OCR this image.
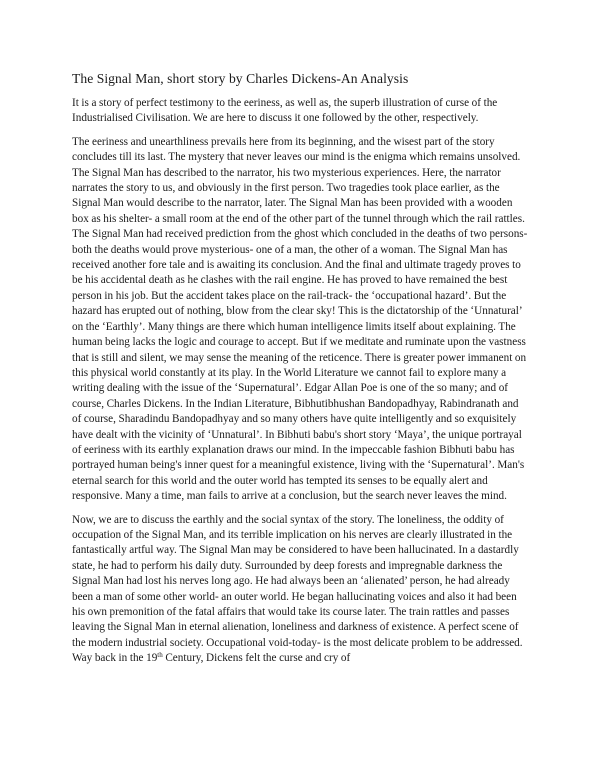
The Signal Man, short story by Charles Dickens-An Analysis

It is a story of perfect testimony to the eeriness, as well as, the superb illustration of curse of the Industrialised Civilisation. We are here to discuss it one followed by the other, respectively.

The eeriness and unearthliness prevails here from its beginning, and the wisest part of the story concludes till its last. The mystery that never leaves our mind is the enigma which remains unsolved. The Signal Man has described to the narrator, his two mysterious experiences. Here, the narrator narrates the story to us, and obviously in the first person. Two tragedies took place earlier, as the Signal Man would describe to the narrator, later. The Signal Man has been provided with a wooden box as his shelter- a small room at the end of the other part of the tunnel through which the rail rattles. The Signal Man had received prediction from the ghost which concluded in the deaths of two persons- both the deaths would prove mysterious- one of a man, the other of a woman. The Signal Man has received another fore tale and is awaiting its conclusion. And the final and ultimate tragedy proves to be his accidental death as he clashes with the rail engine. He has proved to have remained the best person in his job. But the accident takes place on the rail-track- the ‘occupational hazard’. But the hazard has erupted out of nothing, blow from the clear sky! This is the dictatorship of the ‘Unnatural’ on the ‘Earthly’. Many things are there which human intelligence limits itself about explaining. The human being lacks the logic and courage to accept. But if we meditate and ruminate upon the vastness that is still and silent, we may sense the meaning of the reticence. There is greater power immanent on this physical world constantly at its play. In the World Literature we cannot fail to explore many a writing dealing with the issue of the ‘Supernatural’. Edgar Allan Poe is one of the so many; and of course, Charles Dickens. In the Indian Literature, Bibhutibhushan Bandopadhyay, Rabindranath and of course, Sharadindu Bandopadhyay and so many others have quite intelligently and so exquisitely have dealt with the vicinity of ‘Unnatural’. In Bibhuti babu's short story ‘Maya’, the unique portrayal of eeriness with its earthly explanation draws our mind. In the impeccable fashion Bibhuti babu has portrayed human being's inner quest for a meaningful existence, living with the ‘Supernatural’. Man's eternal search for this world and the outer world has tempted its senses to be equally alert and responsive. Many a time, man fails to arrive at a conclusion, but the search never leaves the mind.

Now, we are to discuss the earthly and the social syntax of the story. The loneliness, the oddity of occupation of the Signal Man, and its terrible implication on his nerves are clearly illustrated in the fantastically artful way. The Signal Man may be considered to have been hallucinated. In a dastardly state, he had to perform his daily duty. Surrounded by deep forests and impregnable darkness the Signal Man had lost his nerves long ago. He had always been an ‘alienated’ person, he had already been a man of some other world- an outer world. He began hallucinating voices and also it had been his own premonition of the fatal affairs that would take its course later. The train rattles and passes leaving the Signal Man in eternal alienation, loneliness and darkness of existence. A perfect scene of the modern industrial society. Occupational void-today- is the most delicate problem to be addressed. Way back in the 19th Century, Dickens felt the curse and cry of
